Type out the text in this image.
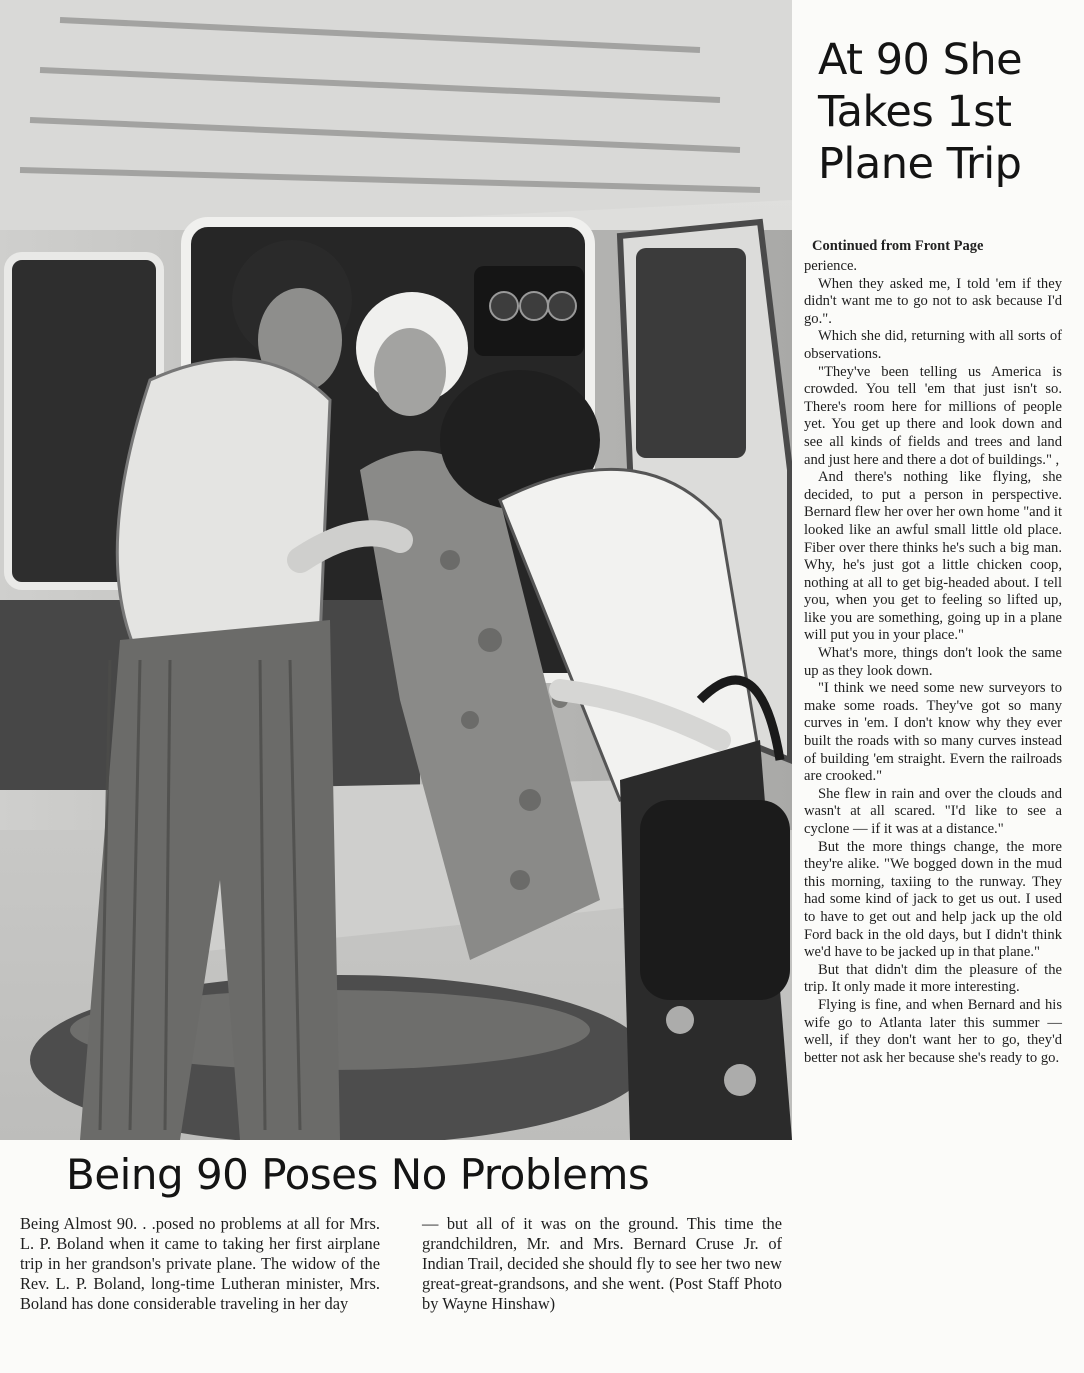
At 90 She
Takes 1st
Plane Trip
Continued from Front Page

perience.

When they asked me, I told 'em if they didn't want me to go not to ask because I'd go.".

Which she did, returning with all sorts of observations.

"They've been telling us America is crowded. You tell 'em that just isn't so. There's room here for millions of people yet. You get up there and look down and see all kinds of fields and trees and land and just here and there a dot of buildings." ,

And there's nothing like flying, she decided, to put a person in perspective. Bernard flew her over her own home "and it looked like an awful small little old place. Fiber over there thinks he's such a big man. Why, he's just got a little chicken coop, nothing at all to get big-headed about. I tell you, when you get to feeling so lifted up, like you are something, going up in a plane will put you in your place."

What's more, things don't look the same up as they look down.

"I think we need some new surveyors to make some roads. They've got so many curves in 'em. I don't know why they ever built the roads with so many curves instead of building 'em straight. Evern the railroads are crooked."

She flew in rain and over the clouds and wasn't at all scared. "I'd like to see a cyclone — if it was at a distance."

But the more things change, the more they're alike. "We bogged down in the mud this morning, taxiing to the runway. They had some kind of jack to get us out. I used to have to get out and help jack up the old Ford back in the old days, but I didn't think we'd have to be jacked up in that plane."

But that didn't dim the pleasure of the trip. It only made it more interesting.

Flying is fine, and when Bernard and his wife go to Atlanta later this summer — well, if they don't want her to go, they'd better not ask her because she's ready to go.

Being 90 Poses No Problems
Being Almost 90. . .posed no problems at all for Mrs. L. P. Boland when it came to taking her first airplane trip in her grandson's private plane. The widow of the Rev. L. P. Boland, long-time Lutheran minister, Mrs. Boland has done considerable traveling in her day
— but all of it was on the ground. This time the grandchildren, Mr. and Mrs. Bernard Cruse Jr. of Indian Trail, decided she should fly to see her two new great-great-grandsons, and she went. (Post Staff Photo by Wayne Hinshaw)
